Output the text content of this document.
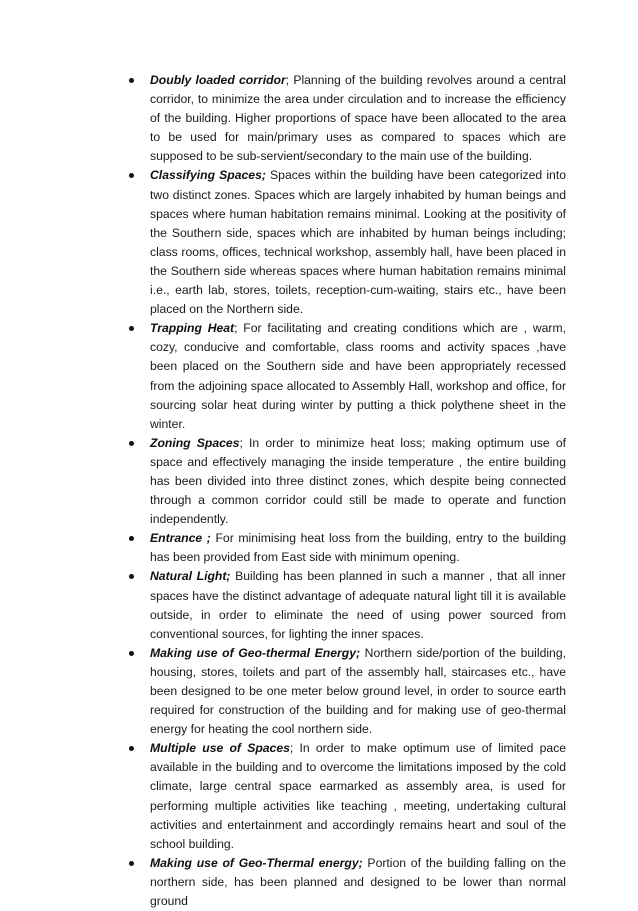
Doubly loaded corridor; Planning of the building revolves around a central corridor, to minimize the area under circulation and to increase the efficiency of the building. Higher proportions of space have been allocated to the area to be used for main/primary uses as compared to spaces which are supposed to be sub-servient/secondary to the main use of the building.
Classifying Spaces; Spaces within the building have been categorized into two distinct zones. Spaces which are largely inhabited by human beings and spaces where human habitation remains minimal. Looking at the positivity of the Southern side, spaces which are inhabited by human beings including; class rooms, offices, technical workshop, assembly hall, have been placed in the Southern side whereas spaces where human habitation remains minimal i.e., earth lab, stores, toilets, reception-cum-waiting, stairs etc., have been placed on the Northern side.
Trapping Heat; For facilitating and creating conditions which are , warm, cozy, conducive and comfortable, class rooms and activity spaces ,have been placed on the Southern side and have been appropriately recessed from the adjoining space allocated to Assembly Hall, workshop and office, for sourcing solar heat during winter by putting a thick polythene sheet in the winter.
Zoning Spaces; In order to minimize heat loss; making optimum use of space and effectively managing the inside temperature , the entire building has been divided into three distinct zones, which despite being connected through a common corridor could still be made to operate and function independently.
Entrance ; For minimising heat loss from the building, entry to the building has been provided from East side with minimum opening.
Natural Light; Building has been planned in such a manner , that all inner spaces have the distinct advantage of adequate natural light till it is available outside, in order to eliminate the need of using power sourced from conventional sources, for lighting the inner spaces.
Making use of Geo-thermal Energy; Northern side/portion of the building, housing, stores, toilets and part of the assembly hall, staircases etc., have been designed to be one meter below ground level, in order to source earth required for construction of the building and for making use of geo-thermal energy for heating the cool northern side.
Multiple use of Spaces; In order to make optimum use of limited pace available in the building and to overcome the limitations imposed by the cold climate, large central space earmarked as assembly area, is used for performing multiple activities like teaching , meeting, undertaking cultural activities and entertainment and accordingly remains heart and soul of the school building.
Making use of Geo-Thermal energy; Portion of the building falling on the northern side, has been planned and designed to be lower than normal ground
